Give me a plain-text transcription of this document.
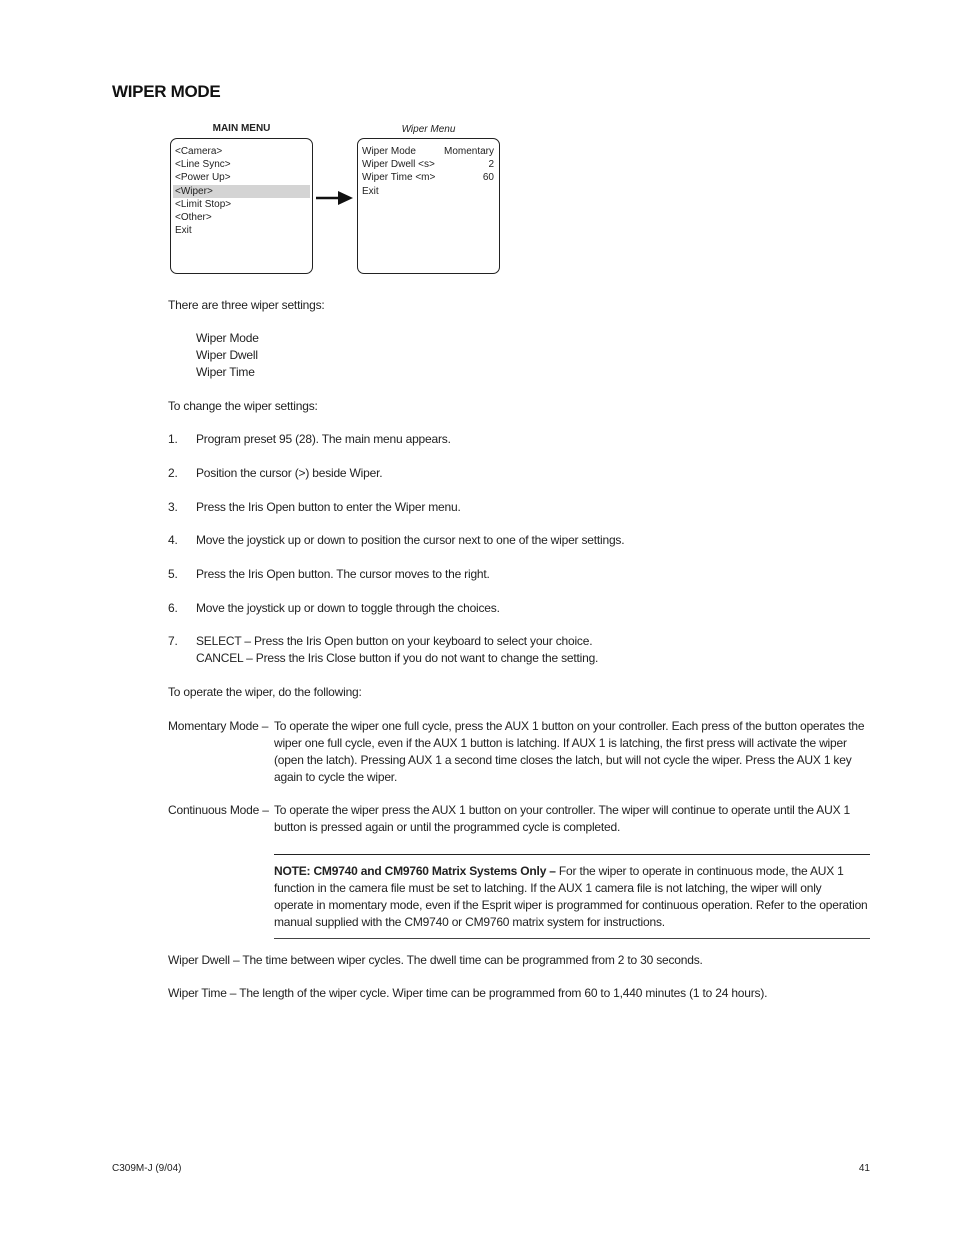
WIPER MODE
MAIN MENU
<Camera>
<Line Sync>
<Power Up>
<Wiper>
<Limit Stop>
<Other>
Exit
Wiper Menu
Wiper Mode	Momentary
Wiper Dwell <s>	2
Wiper Time <m>	60
Exit
There are three wiper settings:
Wiper Mode
Wiper Dwell
Wiper Time
To change the wiper settings:
1. Program preset 95 (28). The main menu appears.
2. Position the cursor (>) beside Wiper.
3. Press the Iris Open button to enter the Wiper menu.
4. Move the joystick up or down to position the cursor next to one of the wiper settings.
5. Press the Iris Open button. The cursor moves to the right.
6. Move the joystick up or down to toggle through the choices.
7. SELECT – Press the Iris Open button on your keyboard to select your choice.
CANCEL – Press the Iris Close button if you do not want to change the setting.
To operate the wiper, do the following:
Momentary Mode – To operate the wiper one full cycle, press the AUX 1 button on your controller. Each press of the button operates the
wiper one full cycle, even if the AUX 1 button is latching. If AUX 1 is latching, the first press will activate the wiper
(open the latch). Pressing AUX 1 a second time closes the latch, but will not cycle the wiper. Press the AUX 1 key
again to cycle the wiper.
Continuous Mode – To operate the wiper press the AUX 1 button on your controller. The wiper will continue to operate until the AUX 1
button is pressed again or until the programmed cycle is completed.
NOTE: CM9740 and CM9760 Matrix Systems Only – For the wiper to operate in continuous mode, the AUX 1
function in the camera file must be set to latching. If the AUX 1 camera file is not latching, the wiper will only
operate in momentary mode, even if the Esprit wiper is programmed for continuous operation. Refer to the operation
manual supplied with the CM9740 or CM9760 matrix system for instructions.
Wiper Dwell – The time between wiper cycles. The dwell time can be programmed from 2 to 30 seconds.
Wiper Time – The length of the wiper cycle. Wiper time can be programmed from 60 to 1,440 minutes (1 to 24 hours).
C309M-J (9/04)	41
